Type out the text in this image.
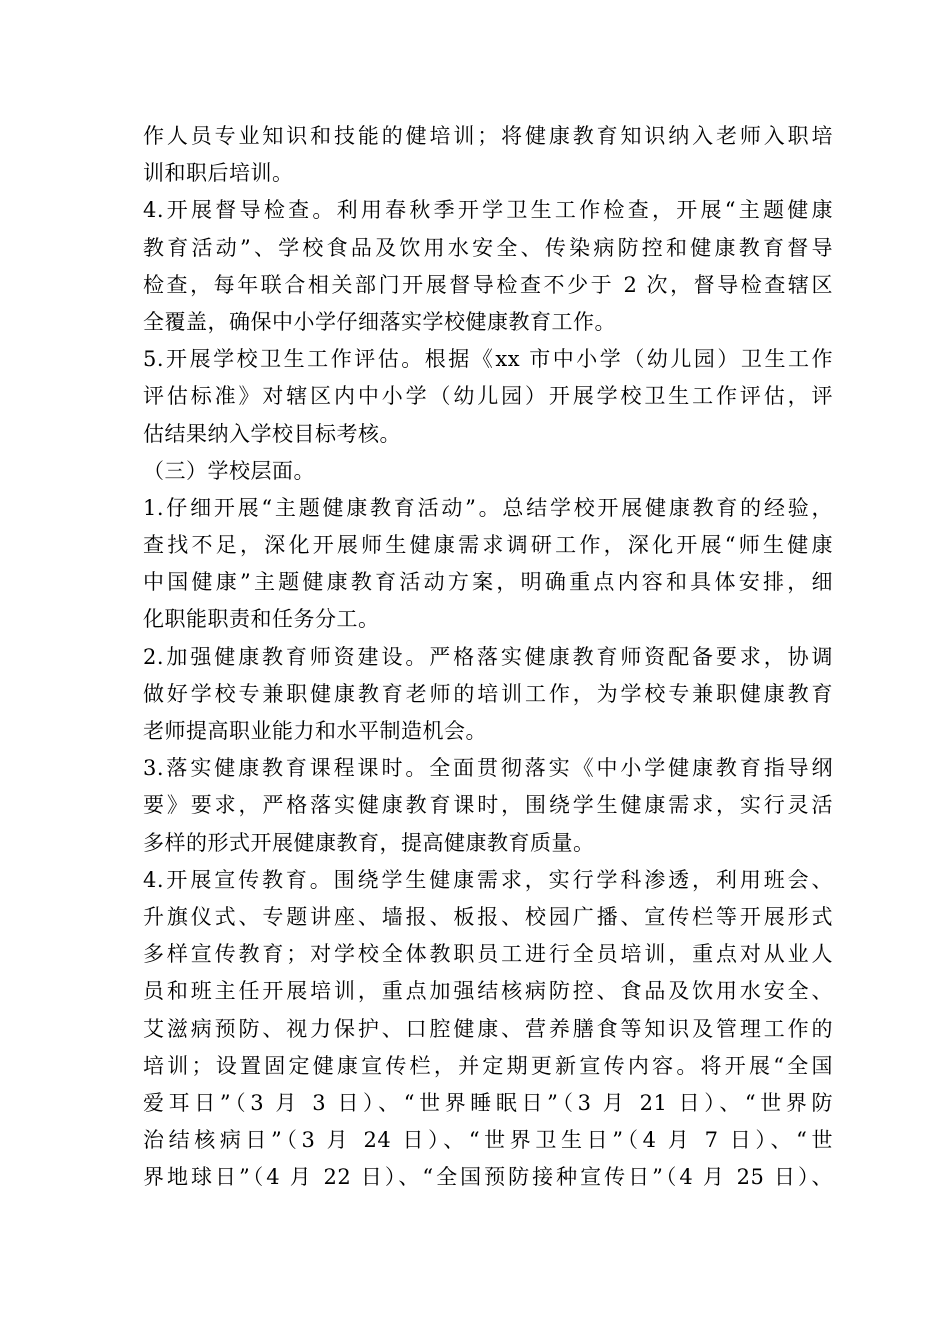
作人员专业知识和技能的健培训；将健康教育知识纳入老师入职培
训和职后培训。
4.开展督导检查。利用春秋季开学卫生工作检查，开展“主题健康
教育活动”、学校食品及饮用水安全、传染病防控和健康教育督导
检查，每年联合相关部门开展督导检查不少于 2 次，督导检查辖区
全覆盖，确保中小学仔细落实学校健康教育工作。
5.开展学校卫生工作评估。根据《xx 市中小学（幼儿园）卫生工作
评估标准》对辖区内中小学（幼儿园）开展学校卫生工作评估，评
估结果纳入学校目标考核。
（三）学校层面。
1.仔细开展“主题健康教育活动”。总结学校开展健康教育的经验，
查找不足，深化开展师生健康需求调研工作，深化开展“师生健康
中国健康”主题健康教育活动方案，明确重点内容和具体安排，细
化职能职责和任务分工。
2.加强健康教育师资建设。严格落实健康教育师资配备要求，协调
做好学校专兼职健康教育老师的培训工作，为学校专兼职健康教育
老师提高职业能力和水平制造机会。
3.落实健康教育课程课时。全面贯彻落实《中小学健康教育指导纲
要》要求，严格落实健康教育课时，围绕学生健康需求，实行灵活
多样的形式开展健康教育，提高健康教育质量。
4.开展宣传教育。围绕学生健康需求，实行学科渗透，利用班会、
升旗仪式、专题讲座、墙报、板报、校园广播、宣传栏等开展形式
多样宣传教育；对学校全体教职员工进行全员培训，重点对从业人
员和班主任开展培训，重点加强结核病防控、食品及饮用水安全、
艾滋病预防、视力保护、口腔健康、营养膳食等知识及管理工作的
培训；设置固定健康宣传栏，并定期更新宣传内容。将开展“全国
爱耳日”（3 月 3 日）、“世界睡眠日”（3 月 21 日）、“世界防
治结核病日”（3 月 24 日）、“世界卫生日”（4 月 7 日）、“世
界地球日”（4 月 22 日）、“全国预防接种宣传日”（4 月 25 日）、
